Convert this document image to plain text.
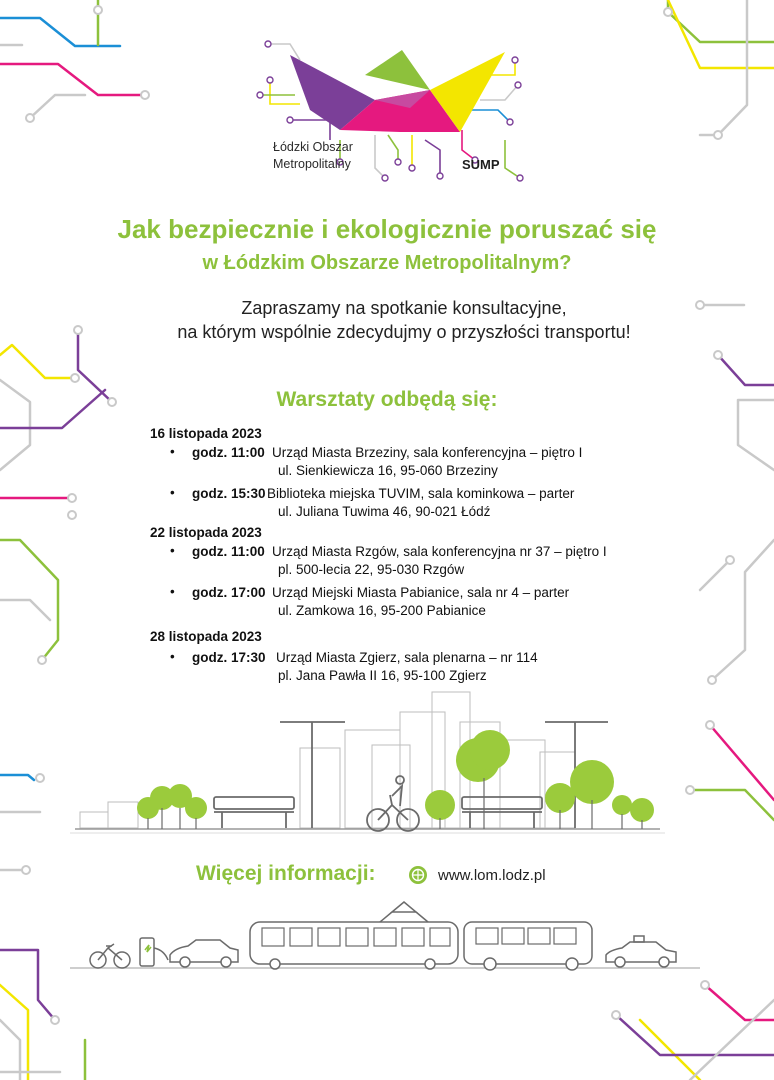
Łódzki Obszar
Metropolitalny	SUMP
Jak bezpiecznie i ekologicznie poruszać się
w Łódzkim Obszarze Metropolitalnym?
Zapraszamy na spotkanie konsultacyjne,
na którym wspólnie zdecydujmy o przyszłości transportu!
Warsztaty odbędą się:
16 listopada 2023
• godz. 11:00 Urząd Miasta Brzeziny, sala konferencyjna – piętro I
ul. Sienkiewicza 16, 95-060 Brzeziny
• godz. 15:30 Biblioteka miejska TUVIM, sala kominkowa – parter
ul. Juliana Tuwima 46, 90-021 Łódź
22 listopada 2023
• godz. 11:00 Urząd Miasta Rzgów, sala konferencyjna nr 37 – piętro I
pl. 500-lecia 22, 95-030 Rzgów
• godz. 17:00 Urząd Miejski Miasta Pabianice, sala nr 4 – parter
ul. Zamkowa 16, 95-200 Pabianice
28 listopada 2023
• godz. 17:30 Urząd Miasta Zgierz, sala plenarna – nr 114
pl. Jana Pawła II 16, 95-100 Zgierz
Więcej informacji:	www.lom.lodz.pl
